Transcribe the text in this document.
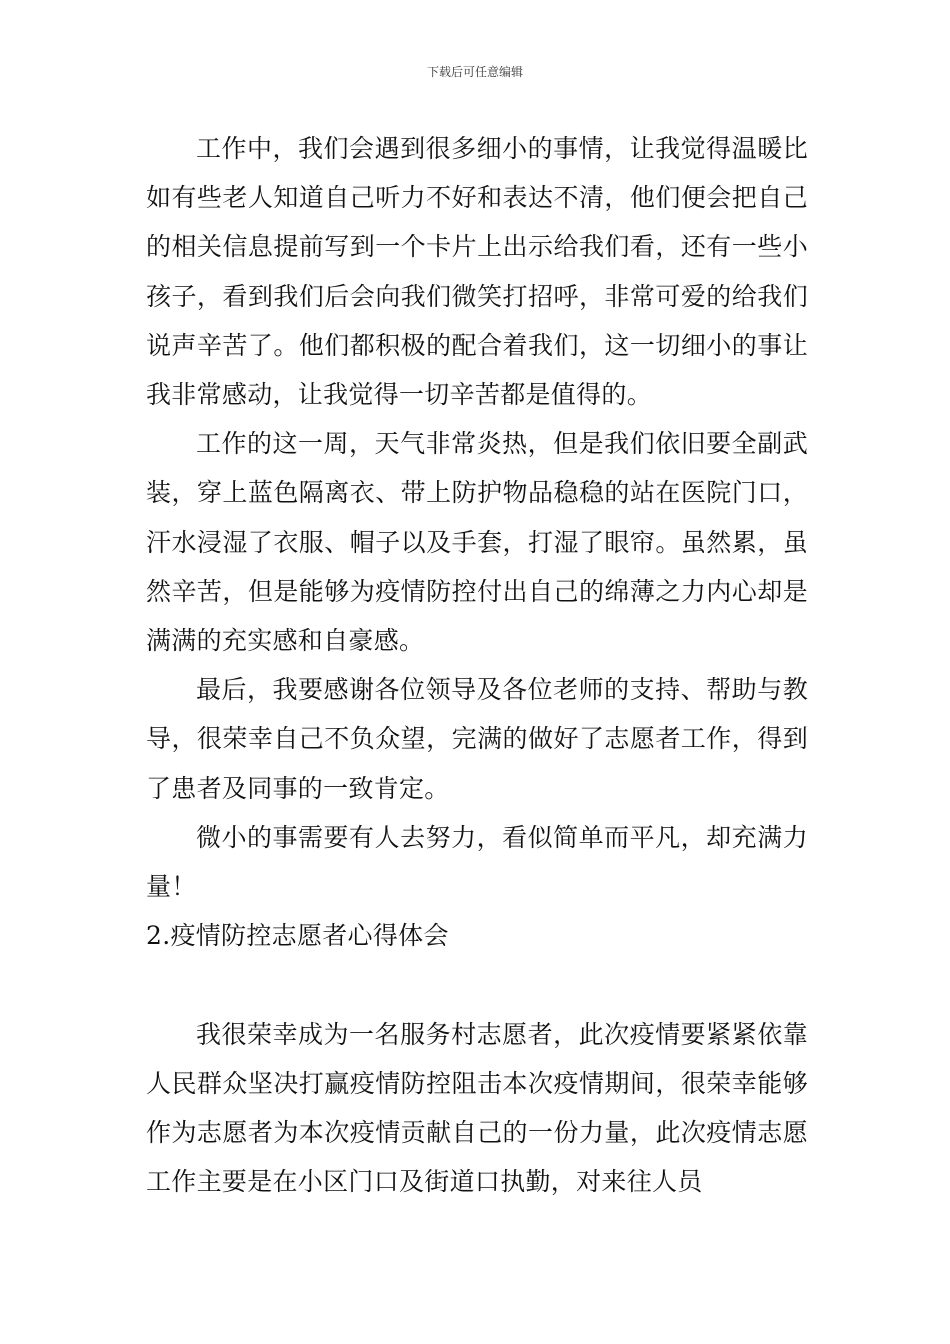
下载后可任意编辑

工作中，我们会遇到很多细小的事情，让我觉得温暖比如有些老人知道自己听力不好和表达不清，他们便会把自己的相关信息提前写到一个卡片上出示给我们看，还有一些小孩子，看到我们后会向我们微笑打招呼，非常可爱的给我们说声辛苦了。他们都积极的配合着我们，这一切细小的事让我非常感动，让我觉得一切辛苦都是值得的。

工作的这一周，天气非常炎热，但是我们依旧要全副武装，穿上蓝色隔离衣、带上防护物品稳稳的站在医院门口，汗水浸湿了衣服、帽子以及手套，打湿了眼帘。虽然累，虽然辛苦，但是能够为疫情防控付出自己的绵薄之力内心却是满满的充实感和自豪感。

最后，我要感谢各位领导及各位老师的支持、帮助与教导，很荣幸自己不负众望，完满的做好了志愿者工作，得到了患者及同事的一致肯定。

微小的事需要有人去努力，看似简单而平凡，却充满力量！

2.疫情防控志愿者心得体会

我很荣幸成为一名服务村志愿者，此次疫情要紧紧依靠人民群众坚决打赢疫情防控阻击本次疫情期间，很荣幸能够作为志愿者为本次疫情贡献自己的一份力量，此次疫情志愿工作主要是在小区门口及街道口执勤，对来往人员
